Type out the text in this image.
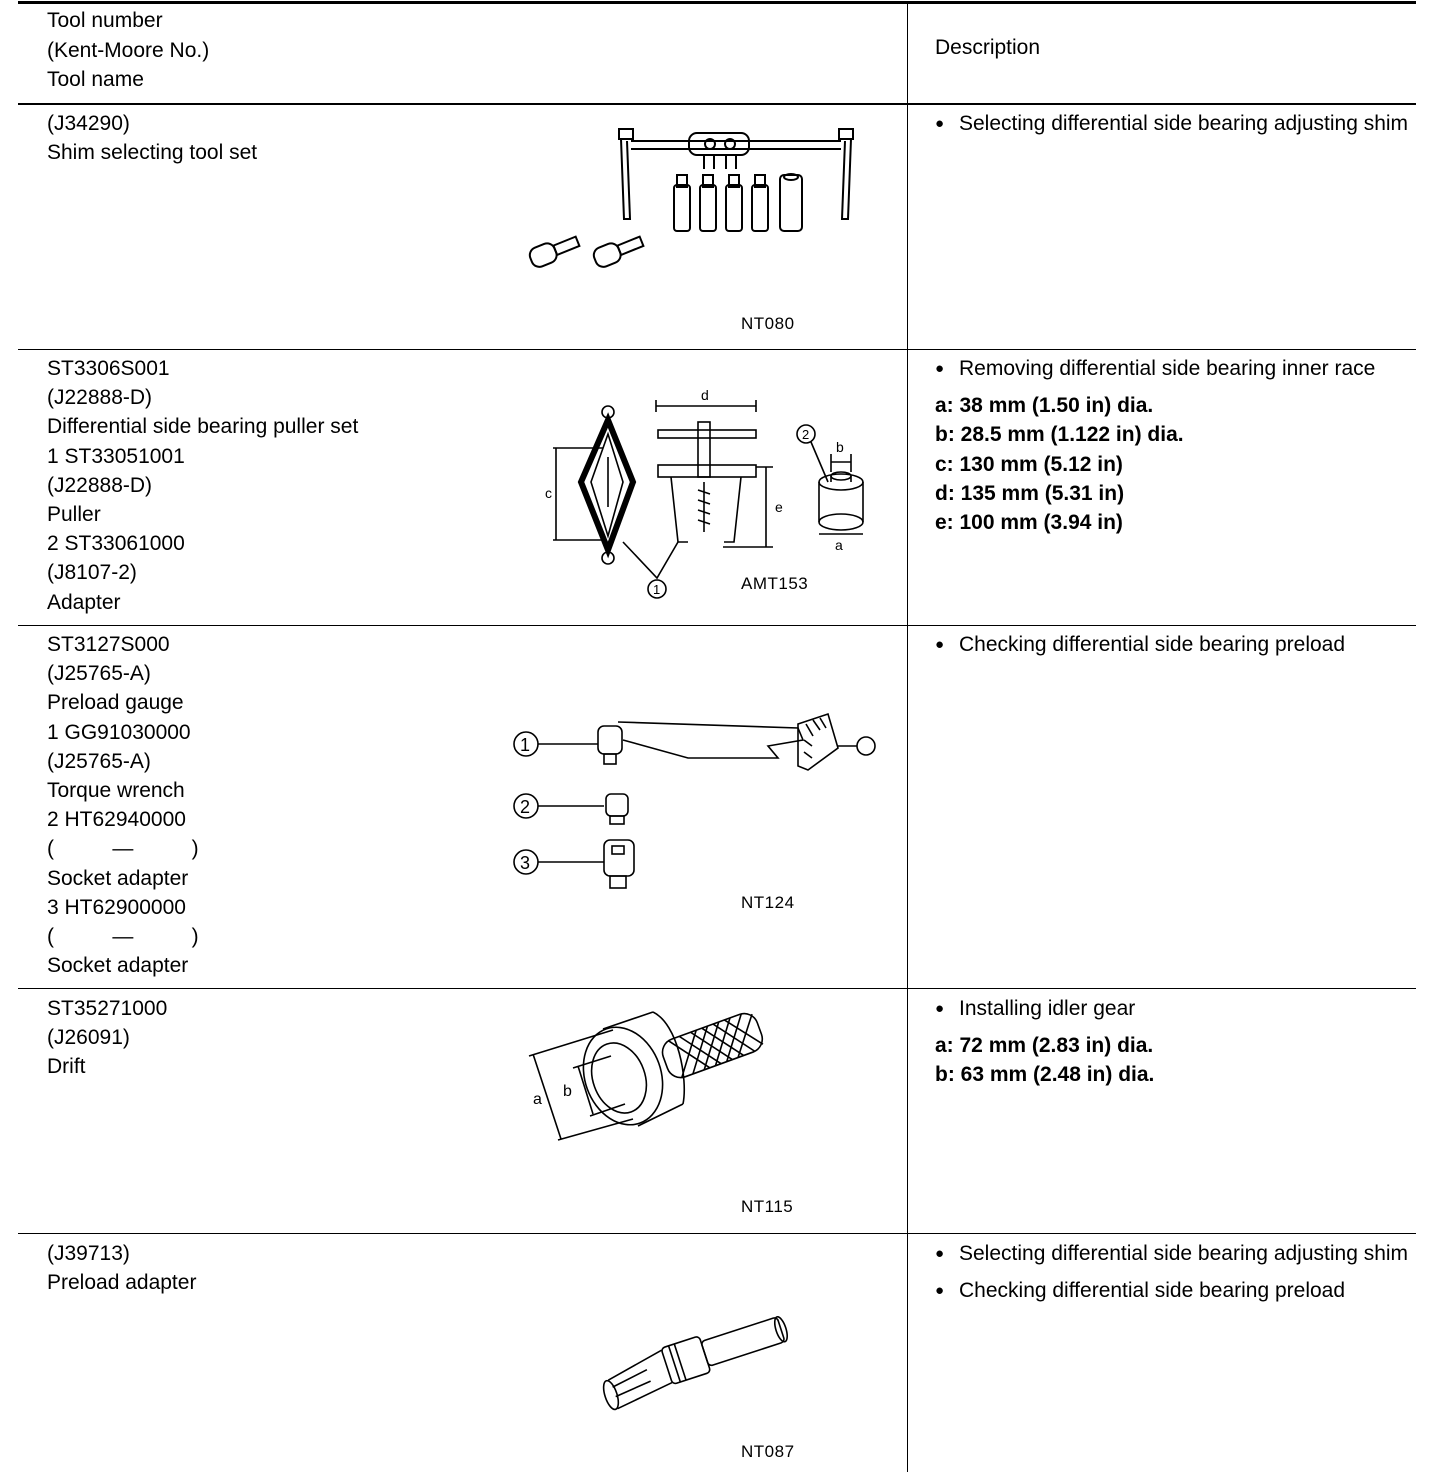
Tool number
(Kent-Moore No.)
Tool name
Description
(J34290)
Shim selecting tool set
NT080
● Selecting differential side bearing adjusting shim
ST3306S001
(J22888-D)
Differential side bearing puller set
1 ST33051001
(J22888-D)
Puller
2 ST33061000
(J8107-2)
Adapter
c
d
e
1
a
b
2
AMT153
● Removing differential side bearing inner race
a: 38 mm (1.50 in) dia.
b: 28.5 mm (1.122 in) dia.
c: 130 mm (5.12 in)
d: 135 mm (5.31 in)
e: 100 mm (3.94 in)
ST3127S000
(J25765-A)
Preload gauge
1 GG91030000
(J25765-A)
Torque wrench
2 HT62940000
(          —          )
Socket adapter
3 HT62900000
(          —          )
Socket adapter
1
2
3
NT124
● Checking differential side bearing preload
ST35271000
(J26091)
Drift
a b
NT115
● Installing idler gear
a: 72 mm (2.83 in) dia.
b: 63 mm (2.48 in) dia.
(J39713)
Preload adapter
NT087
● Selecting differential side bearing adjusting shim
● Checking differential side bearing preload
